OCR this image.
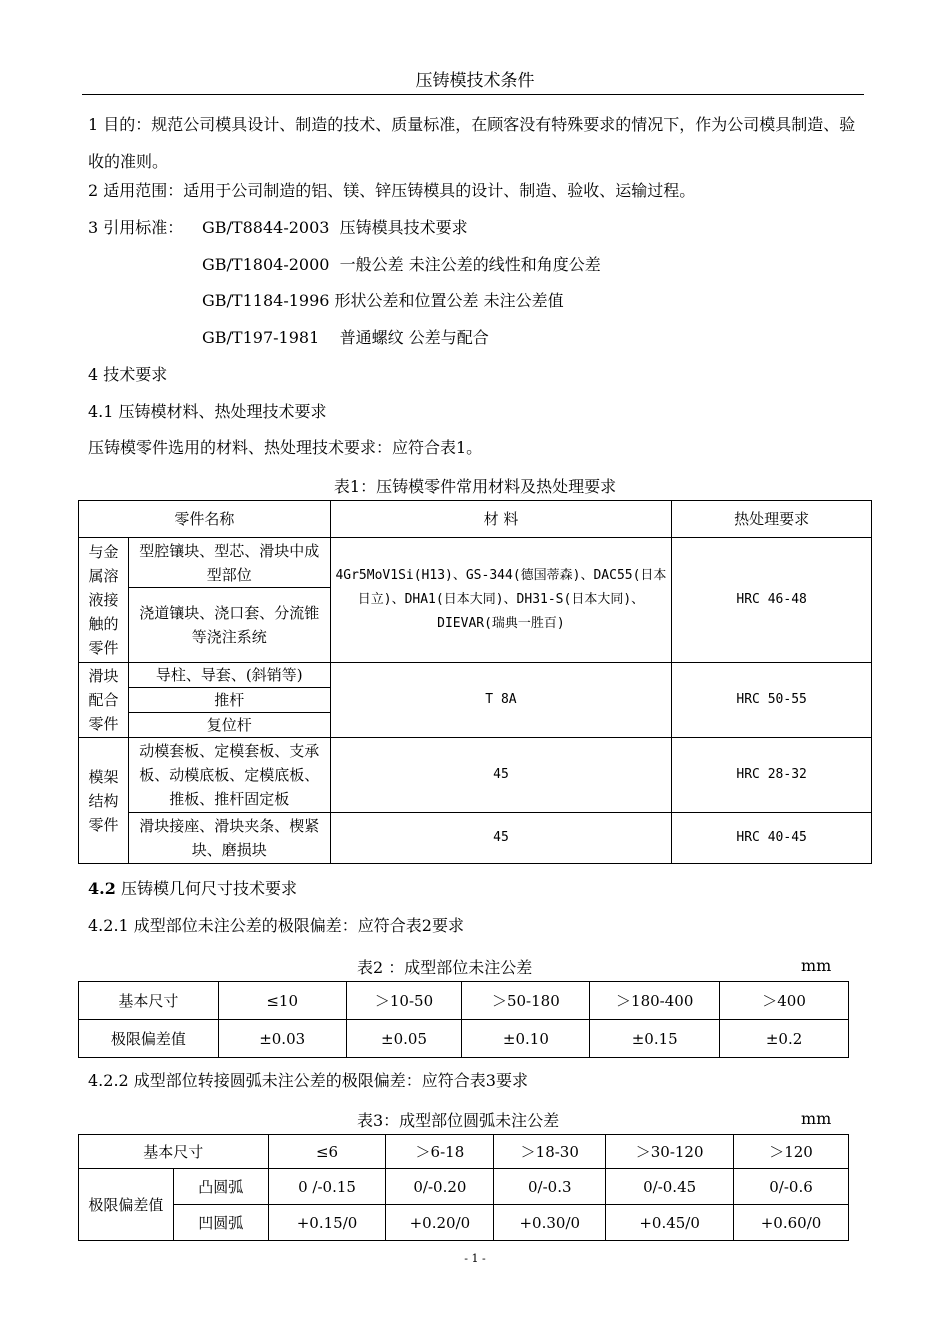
压铸模技术条件
1 目的：规范公司模具设计、制造的技术、质量标准，在顾客没有特殊要求的情况下，作为公司模具制造、验收的准则。
2 适用范围：适用于公司制造的铝、镁、锌压铸模具的设计、制造、验收、运输过程。
3 引用标准： GB/T8844-2003 压铸模具技术要求
GB/T1804-2000 一般公差 未注公差的线性和角度公差
GB/T1184-1996 形状公差和位置公差 未注公差值
GB/T197-1981 普通螺纹 公差与配合
4 技术要求
4.1 压铸模材料、热处理技术要求
压铸模零件选用的材料、热处理技术要求：应符合表1。
表1：压铸模零件常用材料及热处理要求
零件名称		材 料	热处理要求
与金属溶液接触的零件	型腔镶块、型芯、滑块中成型部位	4Gr5MoV1Si(H13)、GS-344(德国蒂森)、DAC55(日本日立)、DHA1(日本大同)、DH31-S(日本大同)、DIEVAR(瑞典一胜百)	HRC 46-48
	浇道镶块、浇口套、分流锥等浇注系统		
滑块配合零件	导柱、导套、(斜销等)	T 8A	HRC 50-55
	推杆		
	复位杆		
模架结构零件	动模套板、定模套板、支承板、动模底板、定模底板、推板、推杆固定板	45	HRC 28-32
	滑块接座、滑块夹条、楔紧块、磨损块	45	HRC 40-45
4.2 压铸模几何尺寸技术要求
4.2.1 成型部位未注公差的极限偏差：应符合表2要求
表2 ：成型部位未注公差	mm
基本尺寸	≤10	＞10-50	＞50-180	＞180-400	＞400
极限偏差值	±0.03	±0.05	±0.10	±0.15	±0.2
4.2.2 成型部位转接圆弧未注公差的极限偏差：应符合表3要求
表3：成型部位圆弧未注公差	mm
基本尺寸		≤6	＞6-18	＞18-30	＞30-120	＞120
极限偏差值	凸圆弧	0 /-0.15	0/-0.20	0/-0.3	0/-0.45	0/-0.6
	凹圆弧	+0.15/0	+0.20/0	+0.30/0	+0.45/0	+0.60/0
- 1 -
